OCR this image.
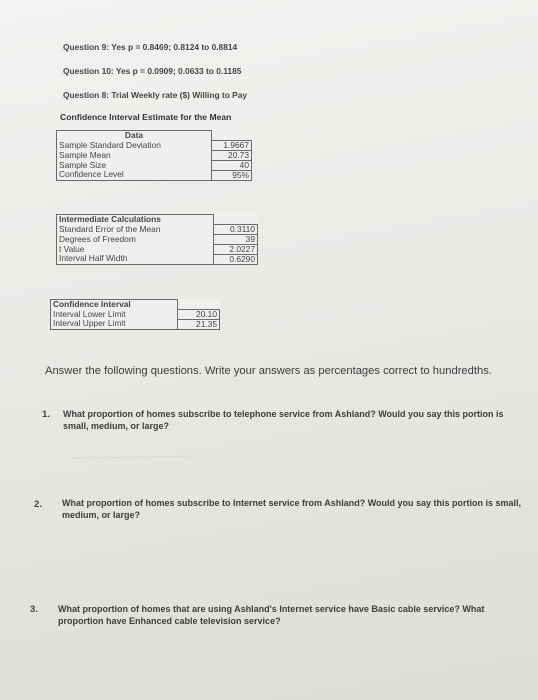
Question 9: Yes p = 0.8469; 0.8124 to 0.8814
Question 10: Yes p = 0.0909; 0.0633 to 0.1185
Question 8: Trial Weekly rate ($) Willing to Pay
Confidence Interval Estimate for the Mean
Data	
Sample Standard Deviation	1.9667
Sample Mean	20.73
Sample Size	40
Confidence Level	95%
Intermediate Calculations	
Standard Error of the Mean	0.3110
Degrees of Freedom	39
t Value	2.0227
Interval Half Width	0.6290
Confidence Interval	
Interval Lower Limit	20.10
Interval Upper Limit	21.35
Answer the following questions. Write your answers as percentages correct to hundredths.
1. What proportion of homes subscribe to telephone service from Ashland? Would you say this portion is small, medium, or large?
~~~~ ~~~ ~~~~~~~~ ~~~~ ~~~
2. What proportion of homes subscribe to Internet service from Ashland? Would you say this portion is small, medium, or large?
3. What proportion of homes that are using Ashland's Internet service have Basic cable service? What proportion have Enhanced cable television service?
